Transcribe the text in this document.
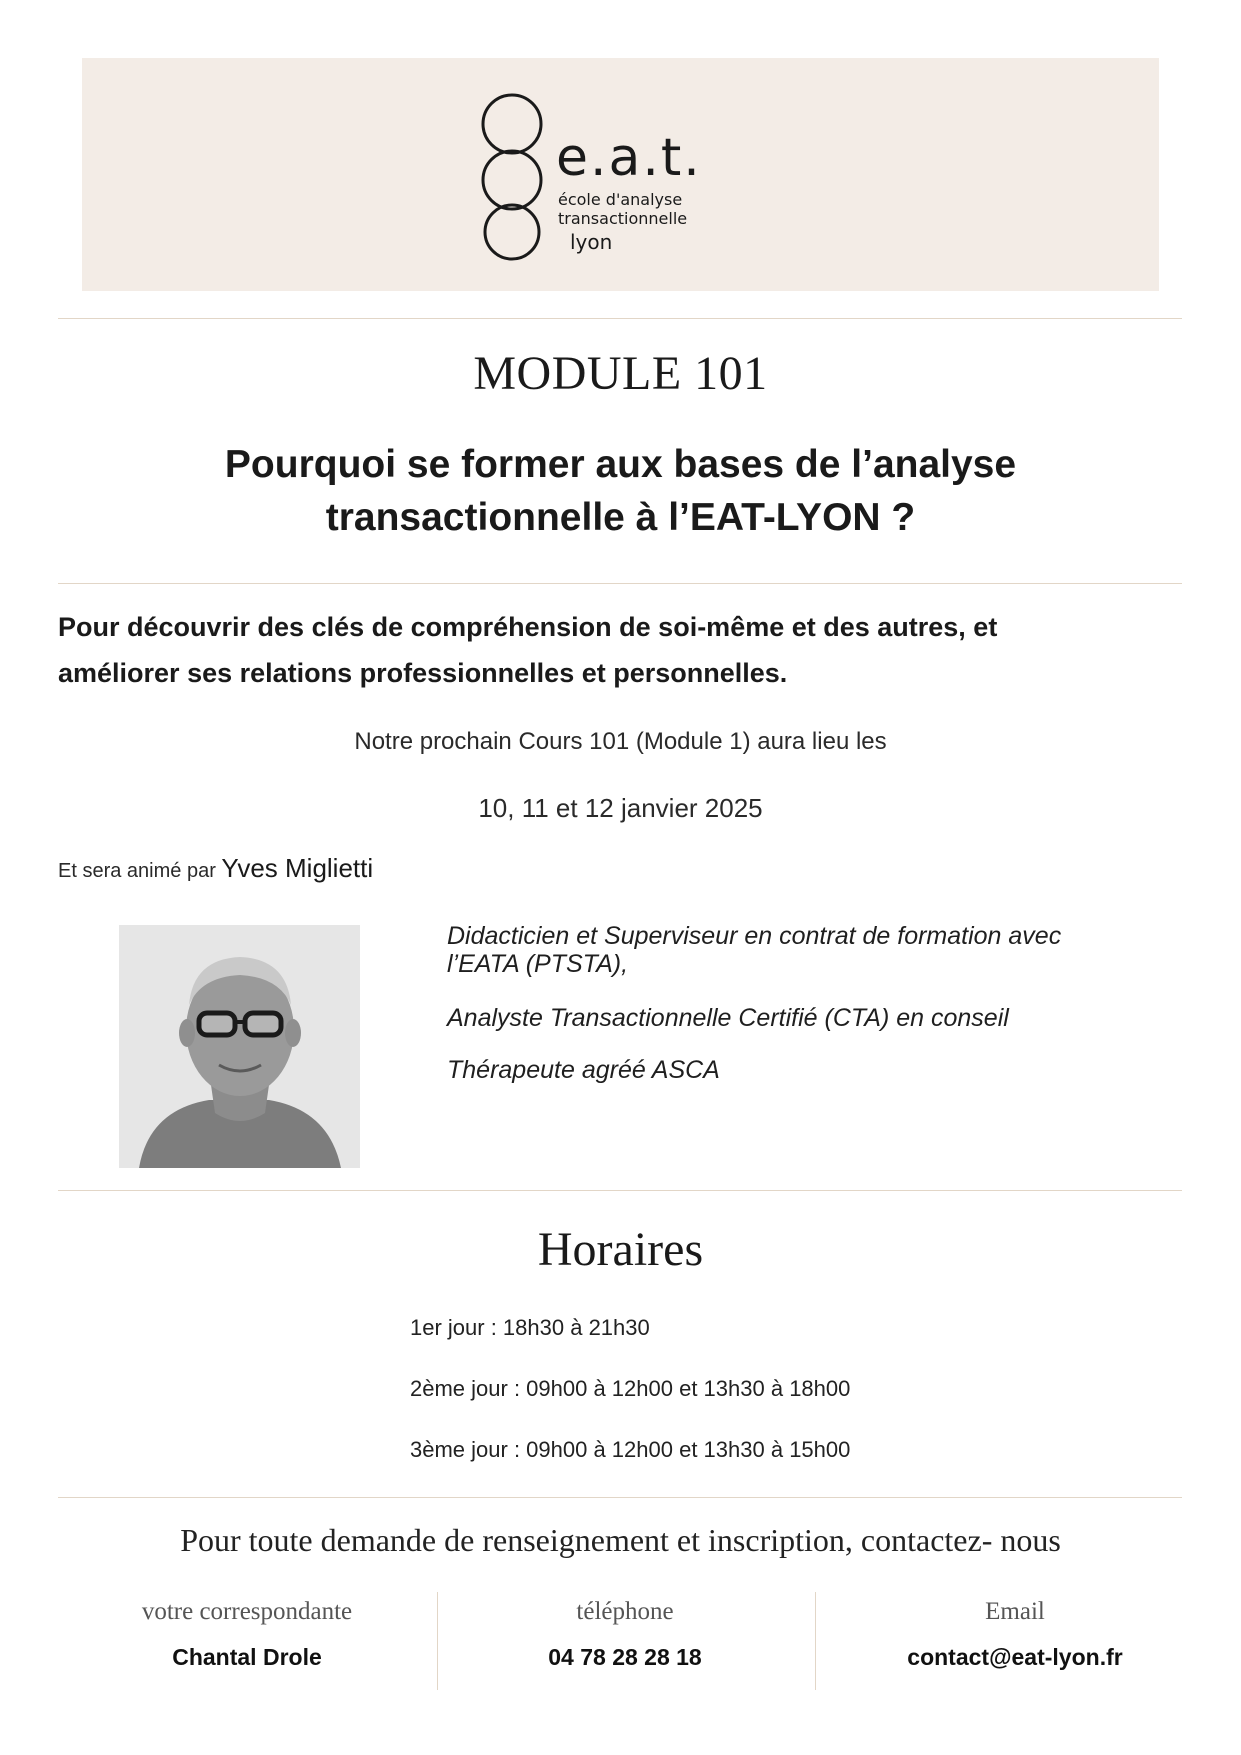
e.a.t.
école d'analyse
transactionnelle
lyon
MODULE 101
Pourquoi se former aux bases de l’analyse
transactionnelle à l’EAT-LYON ?
Pour découvrir des clés de compréhension de soi-même et des autres, et
améliorer ses relations professionnelles et personnelles.
Notre prochain Cours 101 (Module 1) aura lieu les
10, 11 et 12 janvier 2025
Et sera animé par Yves Miglietti
Didacticien et Superviseur en contrat de formation avec
l’EATA (PTSTA),
Analyste Transactionnelle Certifié (CTA) en conseil
Thérapeute agréé ASCA
Horaires
1er jour : 18h30 à 21h30
2ème jour : 09h00 à 12h00 et 13h30 à 18h00
3ème jour : 09h00 à 12h00 et 13h30 à 15h00
Pour toute demande de renseignement et inscription, contactez- nous
votre correspondante
Chantal Drole
téléphone
04 78 28 28 18
Email
contact@eat-lyon.fr
